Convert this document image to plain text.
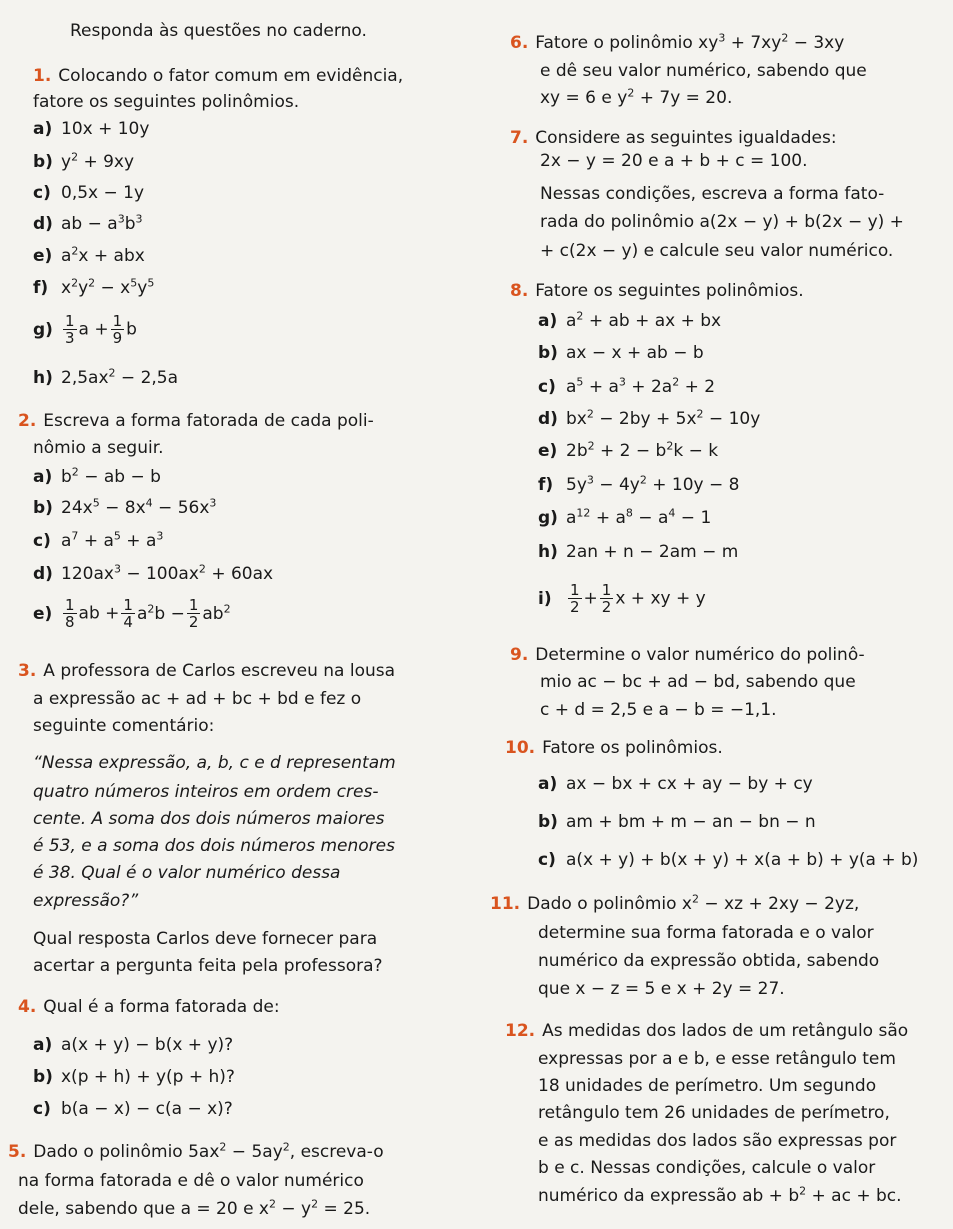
Responda às questões no caderno.
1. Colocando o fator comum em evidência,
fatore os seguintes polinômios.
a) 10x + 10y
b) $y^2 + 9xy$
c) 0,5x − 1y
d) ab − $a^3b^3$
e) $a^2x$ + abx
f) $x^2y^2 - x^5y^5$
$g) \frac{1}{3}$ $a + \frac{1}{9}$ b
h) $2,5ax^2 - 2,5a$
2. Escreva a forma fatorada de cada poli-
nômio a seguir.
a) $b^2$ − ab − b
b) $24x^5 - 8x^4 - 56x^3$
c) $a^7 + a^5 + a^3$
d) $120ax^3 - 100ax^2 + 60ax$
$e) \frac{1}{8}$ ab + $\frac{1}{4} a^2b - \frac{1}{2} ab^2$
3. A professora de Carlos escreveu na lousa
a expressão ac + ad + bc + bd e fez o
seguinte comentário:
“Nessa expressão, a, b, c e d representam
quatro números inteiros em ordem cres-
cente. A soma dos dois números maiores
é 53, e a soma dos dois números menores
é 38. Qual é o valor numérico dessa
expressão?”
Qual resposta Carlos deve fornecer para
acertar a pergunta feita pela professora?
4. Qual é a forma fatorada de:
a) a(x + y) − b(x + y)?
b) x(p + h) + y(p + h)?
c) b(a − x) − c(a − x)?
5. Dado o polinômio $5ax^2 - 5ay^2$, escreva-o
na forma fatorada e dê o valor numérico
dele, sabendo que a = 20 e $x^2 - y^2 = 25$.
6. Fatore o polinômio $xy^3 + 7xy^2 - 3xy$
e dê seu valor numérico, sabendo que
xy = 6 e $y^2 + 7y = 20$.
7. Considere as seguintes igualdades:
2x − y = 20 e a + b + c = 100.
Nessas condições, escreva a forma fato-
rada do polinômio a(2x − y) + b(2x − y) +
+ c(2x − y) e calcule seu valor numérico.
8. Fatore os seguintes polinômios.
a) $a^2$ + ab + ax + bx
b) ax − x + ab − b
c) $a^5 + a^3 + 2a^2 + 2$
d) $bx^2 - 2by + 5x^2 - 10y$
e) $2b^2 + 2 - b^2k - k$
f) $5y^3 - 4y^2 + 10y - 8$
g) $a^{12} + a^8 - a^4 - 1$
h) 2an + n − 2am − m
$i) \frac{1}{2} + \frac{1}{2}$ x + xy + y
9. Determine o valor numérico do polinô-
mio ac − bc + ad − bd, sabendo que
c + d = 2,5 e a − b = −1,1.
10. Fatore os polinômios.
a) ax − bx + cx + ay − by + cy
b) am + bm + m − an − bn − n
c) a(x + y) + b(x + y) + x(a + b) + y(a + b)
11. Dado o polinômio $x^2$ − xz + 2xy − 2yz,
determine sua forma fatorada e o valor
numérico da expressão obtida, sabendo
que x − z = 5 e x + 2y = 27.
12. As medidas dos lados de um retângulo são
expressas por a e b, e esse retângulo tem
18 unidades de perímetro. Um segundo
retângulo tem 26 unidades de perímetro,
e as medidas dos lados são expressas por
b e c. Nessas condições, calcule o valor
numérico da expressão ab + $b^2$ + ac + bc.
